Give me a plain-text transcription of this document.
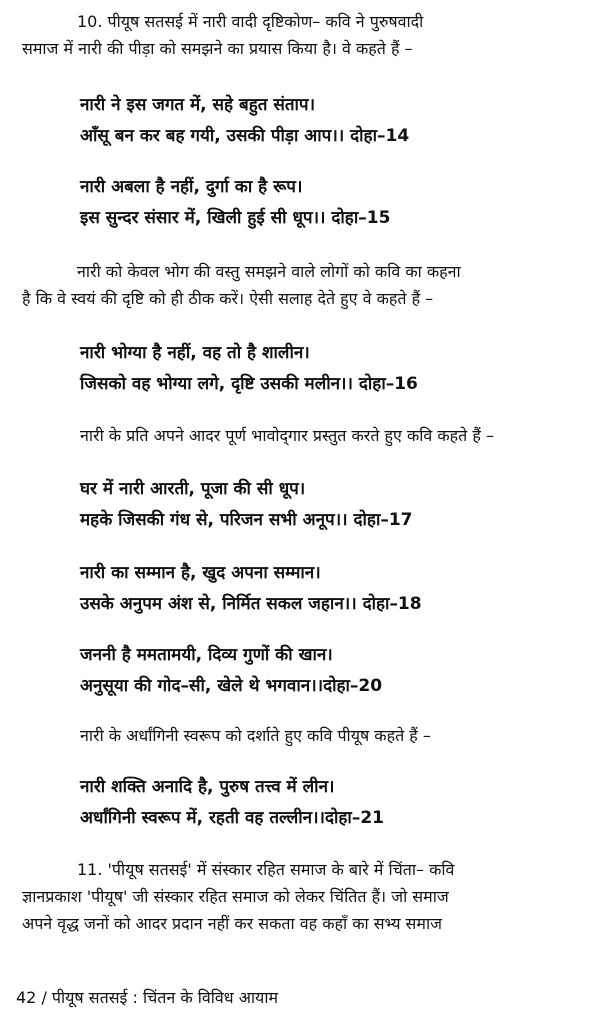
10. पीयूष सतसई में नारी वादी दृष्टिकोण– कवि ने पुरुषवादी
समाज में नारी की पीड़ा को समझने का प्रयास किया है। वे कहते हैं –

नारी ने इस जगत में, सहे बहुत संताप।
आँसू बन कर बह गयी, उसकी पीड़ा आप।। दोहा–14

नारी अबला है नहीं, दुर्गा का है रूप।
इस सुन्दर संसार में, खिली हुई सी धूप।। दोहा–15

नारी को केवल भोग की वस्तु समझने वाले लोगों को कवि का कहना
है कि वे स्वयं की दृष्टि को ही ठीक करें। ऐसी सलाह देते हुए वे कहते हैं –

नारी भोग्या है नहीं, वह तो है शालीन।
जिसको वह भोग्या लगे, दृष्टि उसकी मलीन।। दोहा–16

नारी के प्रति अपने आदर पूर्ण भावोद्‌गार प्रस्तुत करते हुए कवि कहते हैं –

घर में नारी आरती, पूजा की सी धूप।
महके जिसकी गंध से, परिजन सभी अनूप।। दोहा–17

नारी का सम्मान है, खुद अपना सम्मान।
उसके अनुपम अंश से, निर्मित सकल जहान।। दोहा–18

जननी है ममतामयी, दिव्य गुणों की खान।
अनुसूया की गोद–सी, खेले थे भगवान।।दोहा–20

नारी के अर्धांगिनी स्वरूप को दर्शाते हुए कवि पीयूष कहते हैं –

नारी शक्ति अनादि है, पुरुष तत्त्व में लीन।
अर्धांगिनी स्वरूप में, रहती वह तल्लीन।।दोहा–21

11. 'पीयूष सतसई' में संस्कार रहित समाज के बारे में चिंता– कवि
ज्ञानप्रकाश 'पीयूष' जी संस्कार रहित समाज को लेकर चिंतित हैं। जो समाज
अपने वृद्ध जनों को आदर प्रदान नहीं कर सकता वह कहाँ का सभ्य समाज

42 / पीयूष सतसई : चिंतन के विविध आयाम
